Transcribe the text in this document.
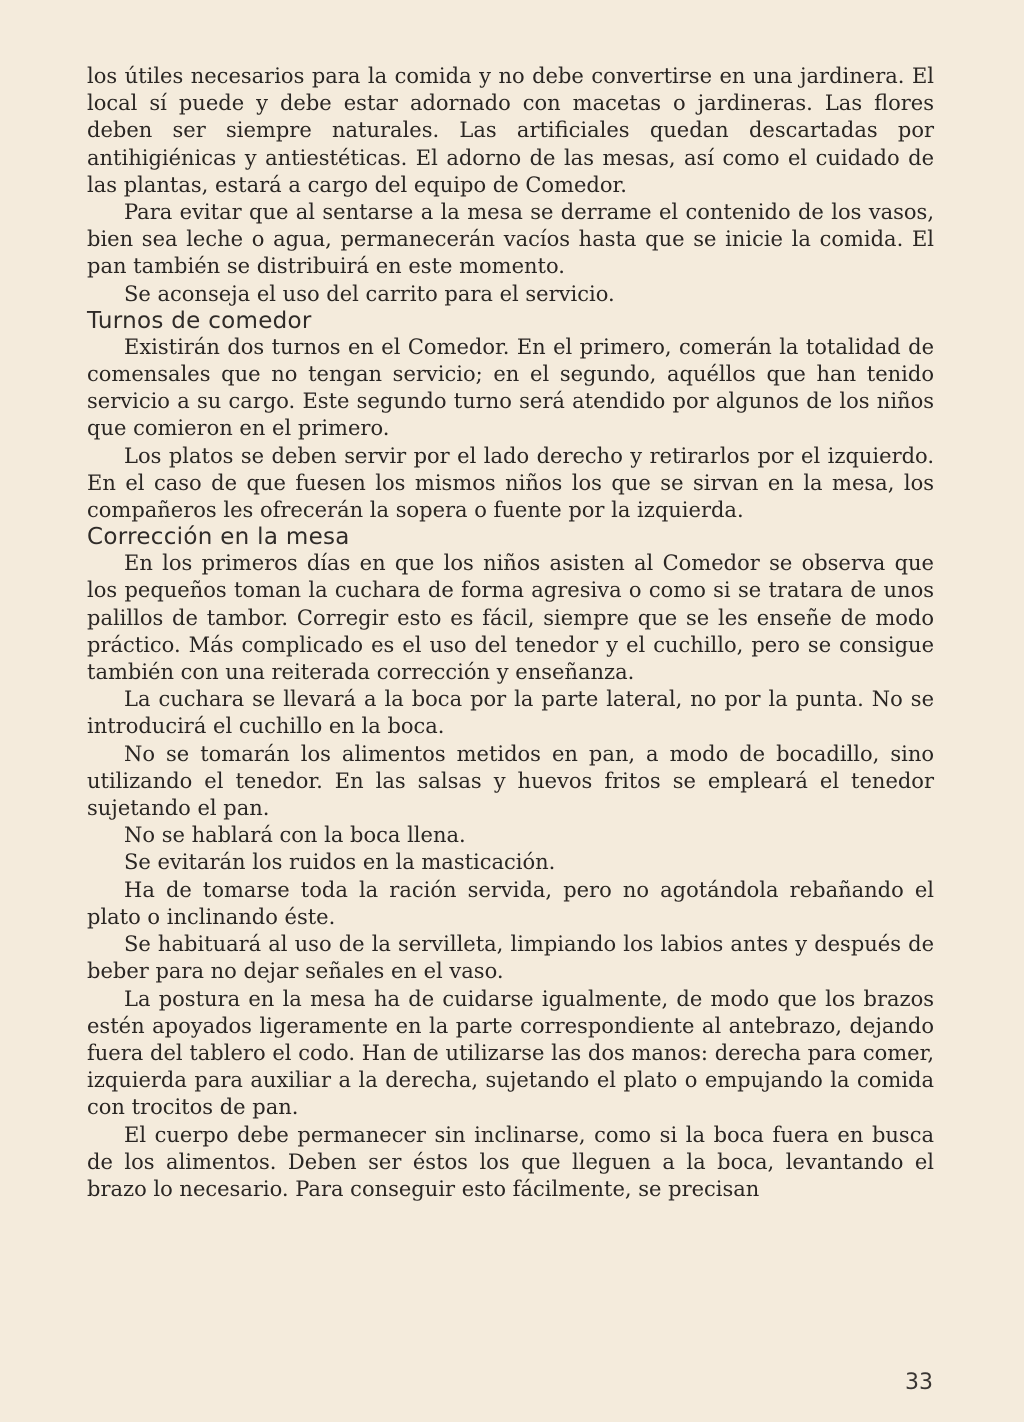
los útiles necesarios para la comida y no debe convertirse en una jardinera. El local sí puede y debe estar adornado con macetas o jardineras. Las flores deben ser siempre naturales. Las artificiales quedan descartadas por antihigiénicas y antiestéticas. El adorno de las mesas, así como el cuidado de las plantas, estará a cargo del equipo de Comedor.

Para evitar que al sentarse a la mesa se derrame el contenido de los vasos, bien sea leche o agua, permanecerán vacíos hasta que se inicie la comida. El pan también se distribuirá en este momento.

Se aconseja el uso del carrito para el servicio.

Turnos de comedor

Existirán dos turnos en el Comedor. En el primero, comerán la totalidad de comensales que no tengan servicio; en el segundo, aquéllos que han tenido servicio a su cargo. Este segundo turno será atendido por algunos de los niños que comieron en el primero.

Los platos se deben servir por el lado derecho y retirarlos por el izquierdo. En el caso de que fuesen los mismos niños los que se sirvan en la mesa, los compañeros les ofrecerán la sopera o fuente por la izquierda.

Corrección en la mesa

En los primeros días en que los niños asisten al Comedor se observa que los pequeños toman la cuchara de forma agresiva o como si se tratara de unos palillos de tambor. Corregir esto es fácil, siempre que se les enseñe de modo práctico. Más complicado es el uso del tenedor y el cuchillo, pero se consigue también con una reiterada corrección y enseñanza.

La cuchara se llevará a la boca por la parte lateral, no por la punta. No se introducirá el cuchillo en la boca.

No se tomarán los alimentos metidos en pan, a modo de bocadillo, sino utilizando el tenedor. En las salsas y huevos fritos se empleará el tenedor sujetando el pan.

No se hablará con la boca llena.

Se evitarán los ruidos en la masticación.

Ha de tomarse toda la ración servida, pero no agotándola rebañando el plato o inclinando éste.

Se habituará al uso de la servilleta, limpiando los labios antes y después de beber para no dejar señales en el vaso.

La postura en la mesa ha de cuidarse igualmente, de modo que los brazos estén apoyados ligeramente en la parte correspondiente al antebrazo, dejando fuera del tablero el codo. Han de utilizarse las dos manos: derecha para comer, izquierda para auxiliar a la derecha, sujetando el plato o empujando la comida con trocitos de pan.

El cuerpo debe permanecer sin inclinarse, como si la boca fuera en busca de los alimentos. Deben ser éstos los que lleguen a la boca, levantando el brazo lo necesario. Para conseguir esto fácilmente, se precisan

33
